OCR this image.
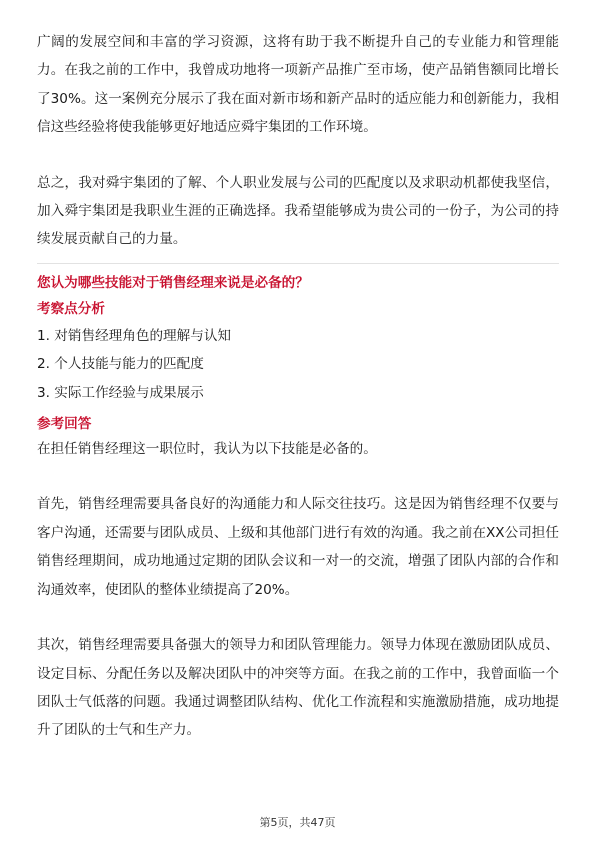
广阔的发展空间和丰富的学习资源，这将有助于我不断提升自己的专业能力和管理能力。在我之前的工作中，我曾成功地将一项新产品推广至市场，使产品销售额同比增长了30%。这一案例充分展示了我在面对新市场和新产品时的适应能力和创新能力，我相信这些经验将使我能够更好地适应舜宇集团的工作环境。

总之，我对舜宇集团的了解、个人职业发展与公司的匹配度以及求职动机都使我坚信，加入舜宇集团是我职业生涯的正确选择。我希望能够成为贵公司的一份子，为公司的持续发展贡献自己的力量。

您认为哪些技能对于销售经理来说是必备的？
考察点分析
1. 对销售经理角色的理解与认知
2. 个人技能与能力的匹配度
3. 实际工作经验与成果展示
参考回答

在担任销售经理这一职位时，我认为以下技能是必备的。

首先，销售经理需要具备良好的沟通能力和人际交往技巧。这是因为销售经理不仅要与客户沟通，还需要与团队成员、上级和其他部门进行有效的沟通。我之前在XX公司担任销售经理期间，成功地通过定期的团队会议和一对一的交流，增强了团队内部的合作和沟通效率，使团队的整体业绩提高了20%。

其次，销售经理需要具备强大的领导力和团队管理能力。领导力体现在激励团队成员、设定目标、分配任务以及解决团队中的冲突等方面。在我之前的工作中，我曾面临一个团队士气低落的问题。我通过调整团队结构、优化工作流程和实施激励措施，成功地提升了团队的士气和生产力。

第5页，共47页
